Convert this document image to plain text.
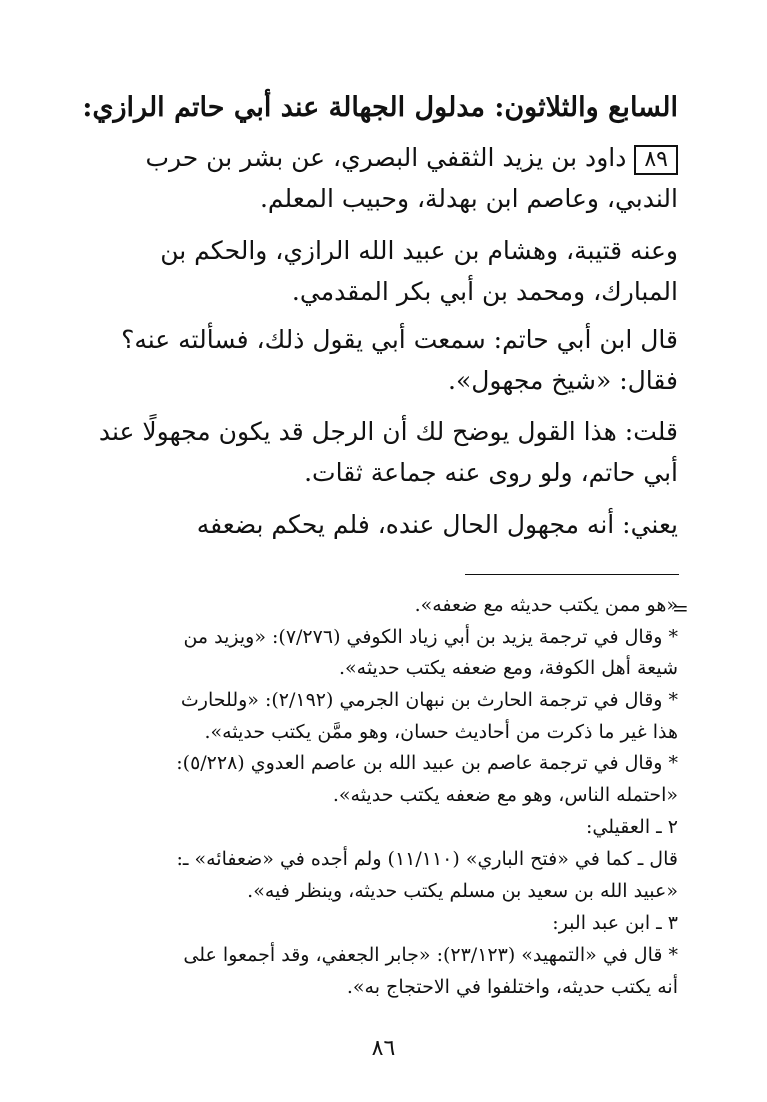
السابع والثلاثون: مدلول الجهالة عند أبي حاتم الرازي:
٨٩داود بن يزيد الثقفي البصري، عن بشر بن حرب
الندبي، وعاصم ابن بهدلة، وحبيب المعلم.
وعنه قتيبة، وهشام بن عبيد الله الرازي، والحكم بن
المبارك، ومحمد بن أبي بكر المقدمي.
قال ابن أبي حاتم: سمعت أبي يقول ذلك، فسألته عنه؟
فقال: «شيخ مجهول».
قلت: هذا القول يوضح لك أن الرجل قد يكون مجهولًا عند
أبي حاتم، ولو روى عنه جماعة ثقات.
يعني: أنه مجهول الحال عنده، فلم يحكم بضعفه
=
«هو ممن يكتب حديثه مع ضعفه».
* وقال في ترجمة يزيد بن أبي زياد الكوفي (٧/٢٧٦): «ويزيد من
شيعة أهل الكوفة، ومع ضعفه يكتب حديثه».
* وقال في ترجمة الحارث بن نبهان الجرمي (٢/١٩٢): «وللحارث
هذا غير ما ذكرت من أحاديث حسان، وهو ممَّن يكتب حديثه».
* وقال في ترجمة عاصم بن عبيد الله بن عاصم العدوي (٥/٢٢٨):
«احتمله الناس، وهو مع ضعفه يكتب حديثه».
٢ ـ العقيلي:
قال ـ كما في «فتح الباري» (١١/١١٠) ولم أجده في «ضعفائه» ـ:
«عبيد الله بن سعيد بن مسلم يكتب حديثه، وينظر فيه».
٣ ـ ابن عبد البر:
* قال في «التمهيد» (٢٣/١٢٣): «جابر الجعفي، وقد أجمعوا على
أنه يكتب حديثه، واختلفوا في الاحتجاج به».
٨٦
